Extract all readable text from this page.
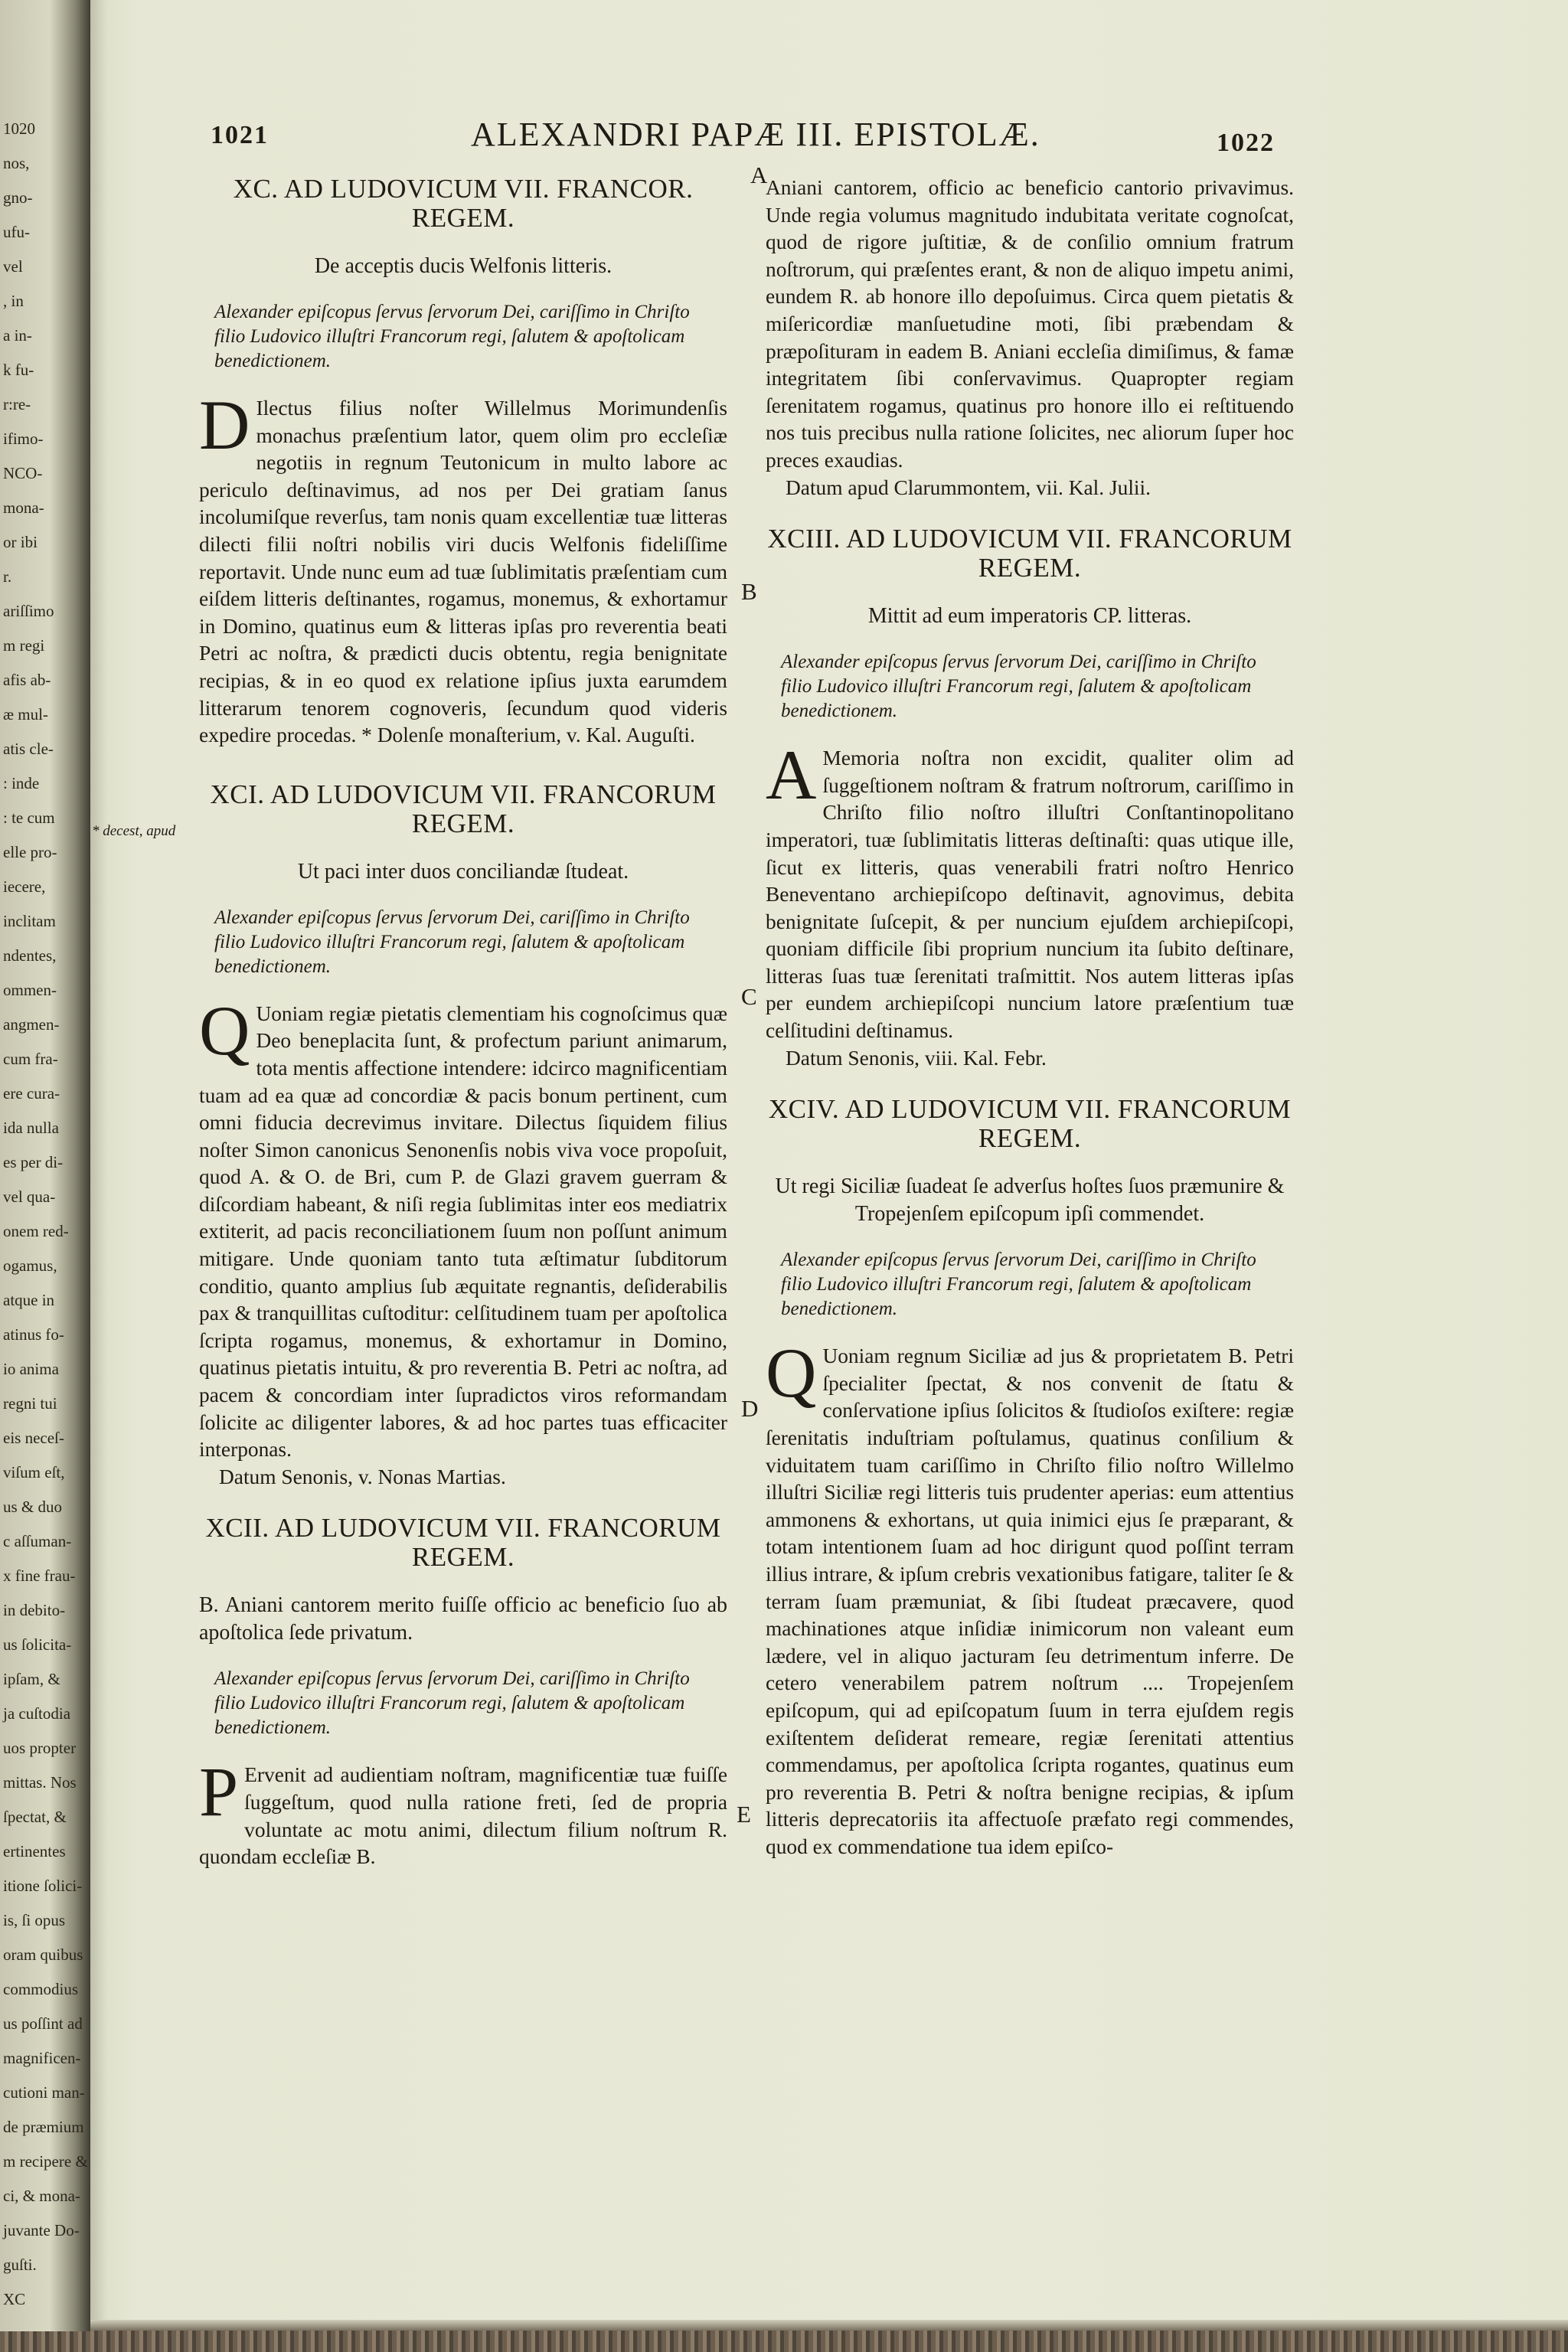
1020
nos,
gno-
ufu-
vel
, in
a in-
k fu-
r:re-
ifimo-
NCO-
mona-
or ibi
r.
ariſſimo
m regi
afis ab-
æ mul-
atis cle-
: inde
: te cum
elle pro-
iecere,
inclitam
ndentes,
ommen-
angmen-
cum fra-
ere cura-
ida nulla
es per di-
vel qua-
onem red-
ogamus,
atque in
atinus fo-
io anima
regni tui
eis neceſ-
viſum eſt,
us & duo
c aſſuman-
x fine frau-
in debito-
us ſolicita-
ipſam, &
ja cuſtodia
uos propter
mittas. Nos
ſpectat, &
ertinentes
itione ſolici-
is, ſi opus
oram quibus
commodius
us poſſint ad
magnificen-
cutioni man-
de præmium
m recipere &
ci, & mona-
juvante Do-
guſti.
XC
1021	ALEXANDRI PAPÆ III. EPISTOLÆ.	1022
* decest, apud
A
B
C
D
E
XC. AD LUDOVICUM VII. FRANCOR. REGEM.
De acceptis ducis Welfonis litteris.
Alexander epiſcopus ſervus ſervorum Dei, cariſſimo in Chriſto filio Ludovico illuſtri Francorum regi, ſalutem & apoſtolicam benedictionem.

D Ilectus filius noſter Willelmus Morimundenſis monachus præſentium lator, quem olim pro eccleſiæ negotiis in regnum Teutonicum in multo labore ac periculo deſtinavimus, ad nos per Dei gratiam ſanus incolumiſque reverſus, tam nonis quam excellentiæ tuæ litteras dilecti filii noſtri nobilis viri ducis Welfonis fideliſſime reportavit. Unde nunc eum ad tuæ ſublimitatis præſentiam cum eiſdem litteris deſtinantes, rogamus, monemus, & exhortamur in Domino, quatinus eum & litteras ipſas pro reverentia beati Petri ac noſtra, & prædicti ducis obtentu, regia benignitate recipias, & in eo quod ex relatione ipſius juxta earumdem litterarum tenorem cognoveris, ſecundum quod videris expedire procedas. * Dolenſe monaſterium, v. Kal. Auguſti.

XCI. AD LUDOVICUM VII. FRANCORUM REGEM.
Ut paci inter duos conciliandæ ſtudeat.
Alexander epiſcopus ſervus ſervorum Dei, cariſſimo in Chriſto filio Ludovico illuſtri Francorum regi, ſalutem & apoſtolicam benedictionem.

Q Uoniam regiæ pietatis clementiam his cognoſcimus quæ Deo beneplacita ſunt, & profectum pariunt animarum, tota mentis affectione intendere: idcirco magnificentiam tuam ad ea quæ ad concordiæ & pacis bonum pertinent, cum omni fiducia decrevimus invitare. Dilectus ſiquidem filius noſter Simon canonicus Senonenſis nobis viva voce propoſuit, quod A. & O. de Bri, cum P. de Glazi gravem guerram & diſcordiam habeant, & niſi regia ſublimitas inter eos mediatrix extiterit, ad pacis reconciliationem ſuum non poſſunt animum mitigare. Unde quoniam tanto tuta æſtimatur ſubditorum conditio, quanto amplius ſub æquitate regnantis, deſiderabilis pax & tranquillitas cuſtoditur: celſitudinem tuam per apoſtolica ſcripta rogamus, monemus, & exhortamur in Domino, quatinus pietatis intuitu, & pro reverentia B. Petri ac noſtra, ad pacem & concordiam inter ſupradictos viros reformandam ſolicite ac diligenter labores, & ad hoc partes tuas efficaciter interponas.

Datum Senonis, v. Nonas Martias.

XCII. AD LUDOVICUM VII. FRANCORUM REGEM.
B. Aniani cantorem merito fuiſſe officio ac beneficio ſuo ab apoſtolica ſede privatum.
Alexander epiſcopus ſervus ſervorum Dei, cariſſimo in Chriſto filio Ludovico illuſtri Francorum regi, ſalutem & apoſtolicam benedictionem.

P Ervenit ad audientiam noſtram, magnificentiæ tuæ fuiſſe ſuggeſtum, quod nulla ratione freti, ſed de propria voluntate ac motu animi, dilectum filium noſtrum R. quondam eccleſiæ B.

Aniani cantorem, officio ac beneficio cantorio privavimus. Unde regia volumus magnitudo indubitata veritate cognoſcat, quod de rigore juſtitiæ, & de conſilio omnium fratrum noſtrorum, qui præſentes erant, & non de aliquo impetu animi, eundem R. ab honore illo depoſuimus. Circa quem pietatis & miſericordiæ manſuetudine moti, ſibi præbendam & præpoſituram in eadem B. Aniani eccleſia dimiſimus, & famæ integritatem ſibi conſervavimus. Quapropter regiam ſerenitatem rogamus, quatinus pro honore illo ei reſtituendo nos tuis precibus nulla ratione ſolicites, nec aliorum ſuper hoc preces exaudias.

Datum apud Clarummontem, vii. Kal. Julii.

XCIII. AD LUDOVICUM VII. FRANCORUM REGEM.
Mittit ad eum imperatoris CP. litteras.
Alexander epiſcopus ſervus ſervorum Dei, cariſſimo in Chriſto filio Ludovico illuſtri Francorum regi, ſalutem & apoſtolicam benedictionem.

A Memoria noſtra non excidit, qualiter olim ad ſuggeſtionem noſtram & fratrum noſtrorum, cariſſimo in Chriſto filio noſtro illuſtri Conſtantinopolitano imperatori, tuæ ſublimitatis litteras deſtinaſti: quas utique ille, ſicut ex litteris, quas venerabili fratri noſtro Henrico Beneventano archiepiſcopo deſtinavit, agnovimus, debita benignitate ſuſcepit, & per nuncium ejuſdem archiepiſcopi, quoniam difficile ſibi proprium nuncium ita ſubito deſtinare, litteras ſuas tuæ ſerenitati traſmittit. Nos autem litteras ipſas per eundem archiepiſcopi nuncium latore præſentium tuæ celſitudini deſtinamus.

Datum Senonis, viii. Kal. Febr.

XCIV. AD LUDOVICUM VII. FRANCORUM REGEM.
Ut regi Siciliæ ſuadeat ſe adverſus hoſtes ſuos præmunire & Tropejenſem epiſcopum ipſi commendet.
Alexander epiſcopus ſervus ſervorum Dei, cariſſimo in Chriſto filio Ludovico illuſtri Francorum regi, ſalutem & apoſtolicam benedictionem.

Q Uoniam regnum Siciliæ ad jus & proprietatem B. Petri ſpecialiter ſpectat, & nos convenit de ſtatu & conſervatione ipſius ſolicitos & ſtudioſos exiſtere: regiæ ſerenitatis induſtriam poſtulamus, quatinus conſilium & viduitatem tuam cariſſimo in Chriſto filio noſtro Willelmo illuſtri Siciliæ regi litteris tuis prudenter aperias: eum attentius ammonens & exhortans, ut quia inimici ejus ſe præparant, & totam intentionem ſuam ad hoc dirigunt quod poſſint terram illius intrare, & ipſum crebris vexationibus fatigare, taliter ſe & terram ſuam præmuniat, & ſibi ſtudeat præcavere, quod machinationes atque inſidiæ inimicorum non valeant eum lædere, vel in aliquo jacturam ſeu detrimentum inferre. De cetero venerabilem patrem noſtrum .... Tropejenſem epiſcopum, qui ad epiſcopatum ſuum in terra ejuſdem regis exiſtentem deſiderat remeare, regiæ ſerenitati attentius commendamus, per apoſtolica ſcripta rogantes, quatinus eum pro reverentia B. Petri & noſtra benigne recipias, & ipſum litteris deprecatoriis ita affectuoſe præfato regi commendes, quod ex commendatione tua idem epiſco-
